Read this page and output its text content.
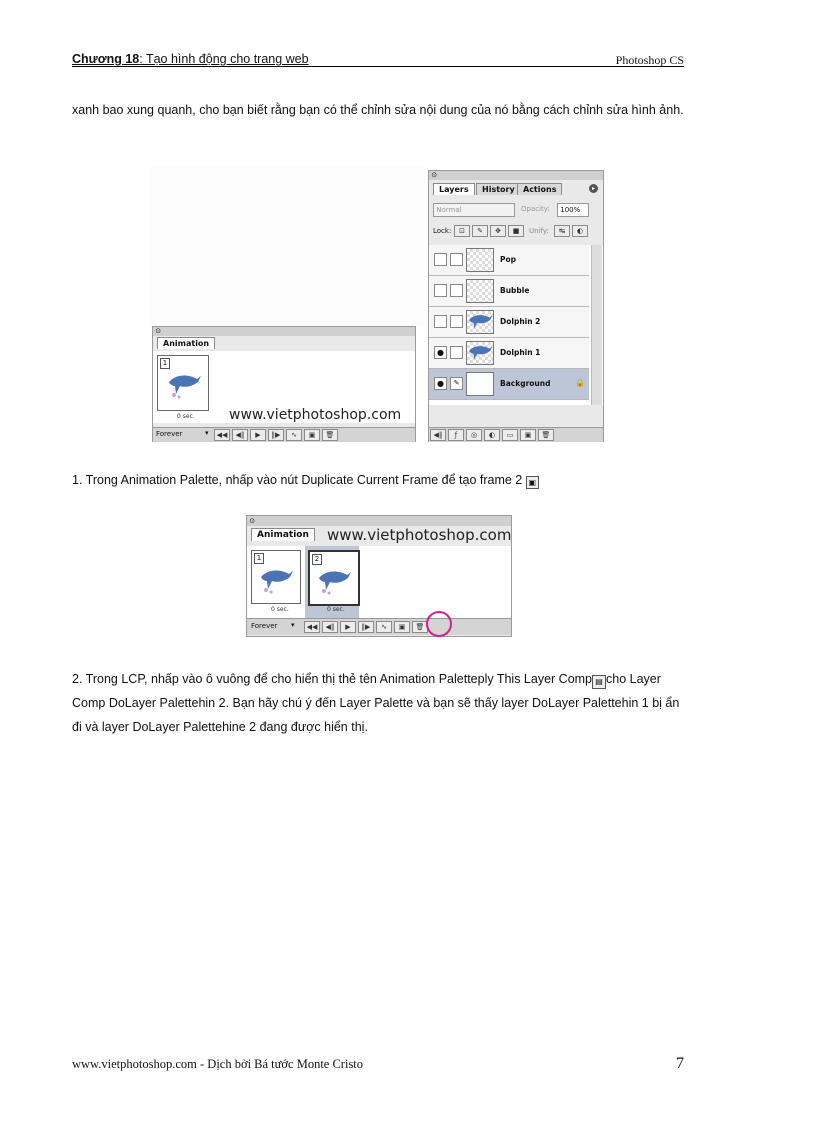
Chương 18: Tạo hình động cho trang web	Photoshop CS
xanh bao xung quanh, cho bạn biết rằng bạn có thể chỉnh sửa nội dung của nó bằng cách chỉnh sửa hình ảnh.
⊙
Animation
1
0 sec. www.vietphotoshop.com
Forever	▾	◀◀ ◀‖ ▶ ‖▶ ∿ ▣ 🗑
⊙
Layers	History	Actions	▸
Normal	Opacity:	100%
Lock:	⊡ ✎ ✥ ■	Unify:	↹ ◐
Pop
Bubble
Dolphin 2
●	Dolphin 1
●	✎	Background	🔒
◀‖ ƒ ◎ ◐ ▭ ▣ 🗑
1. Trong Animation Palette, nhấp vào nút Duplicate Current Frame để tạo frame 2 ▣
⊙
Animation	www.vietphotoshop.com
1
0 sec.
2
0 sec.
Forever ▾	◀◀ ◀‖ ▶ ‖▶ ∿ ▣ 🗑
2. Trong LCP, nhấp vào ô vuông để cho hiển thị thẻ tên Animation Paletteply This Layer Comp ▤ cho Layer Comp DoLayer Palettehin 2. Bạn hãy chú ý đến Layer Palette và bạn sẽ thấy layer DoLayer Palettehin 1 bị ẩn đi và layer DoLayer Palettehine 2 đang được hiển thị.
www.vietphotoshop.com - Dịch bởi Bá tước Monte Cristo	7
